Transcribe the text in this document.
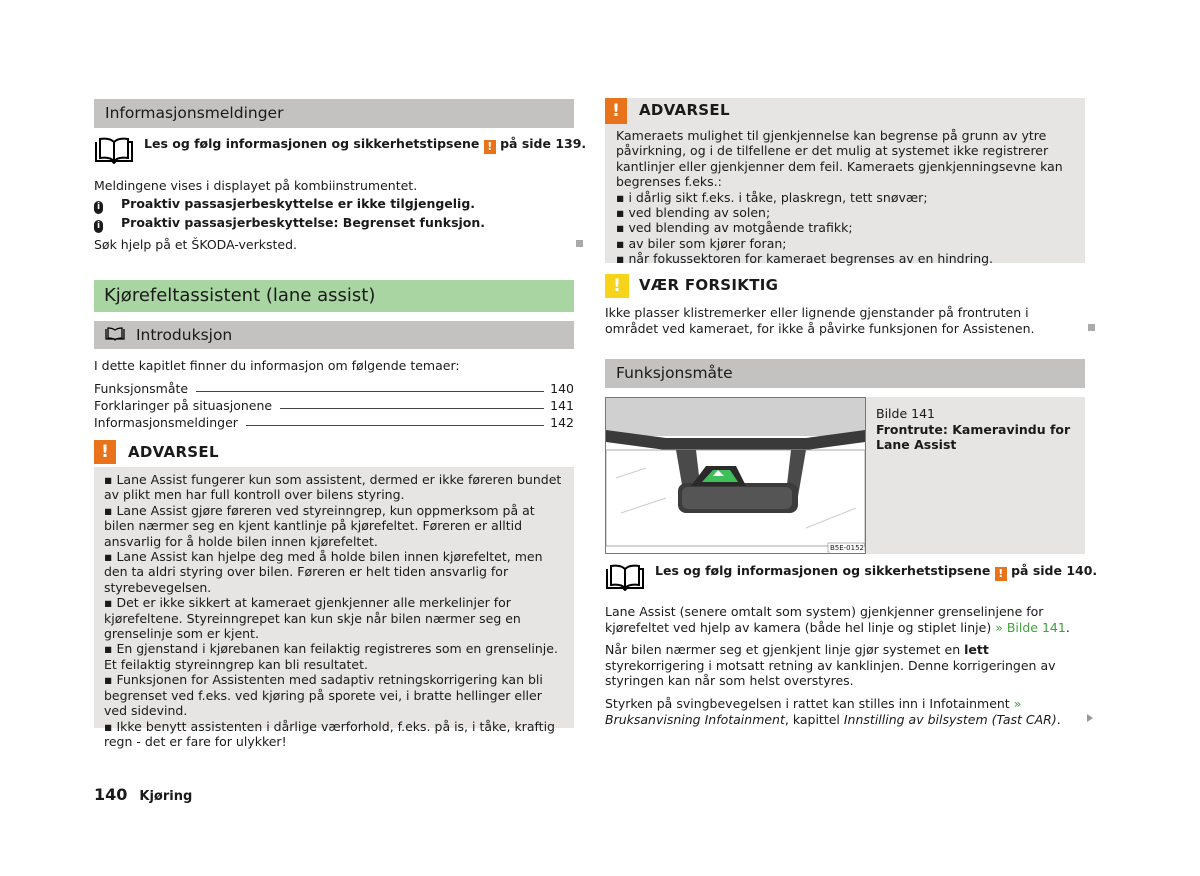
Informasjonsmeldinger
Les og følg informasjonen og sikkerhetstipsene ! på side 139.

Meldingene vises i displayet på kombiinstrumentet.

i Proaktiv passasjerbeskyttelse er ikke tilgjengelig.
i Proaktiv passasjerbeskyttelse: Begrenset funksjon.

Søk hjelp på et ŠKODA-verksted.

Kjørefeltassistent (lane assist)
Introduksjon

I dette kapitlet finner du informasjon om følgende temaer:

Funksjonsmåte	140
Forklaringer på situasjonene	141
Informasjonsmeldinger	142
!	ADVARSEL

▪ Lane Assist fungerer kun som assistent, dermed er ikke føreren bundet av plikt men har full kontroll over bilens styring.

▪ Lane Assist gjøre føreren ved styreinngrep, kun oppmerksom på at bilen nærmer seg en kjent kantlinje på kjørefeltet. Føreren er alltid ansvarlig for å holde bilen innen kjørefeltet.

▪ Lane Assist kan hjelpe deg med å holde bilen innen kjørefeltet, men den ta aldri styring over bilen. Føreren er helt tiden ansvarlig for styrebevegelsen.

▪ Det er ikke sikkert at kameraet gjenkjenner alle merkelinjer for kjørefeltene. Styreinngrepet kan kun skje når bilen nærmer seg en grenselinje som er kjent.

▪ En gjenstand i kjørebanen kan feilaktig registreres som en grenselinje. Et feilaktig styreinngrep kan bli resultatet.

▪ Funksjonen for Assistenten med sadaptiv retningskorrigering kan bli begrenset ved f.eks. ved kjøring på sporete vei, i bratte hellinger eller ved sidevind.

▪ Ikke benytt assistenten i dårlige værforhold, f.eks. på is, i tåke, kraftig regn - det er fare for ulykker!

!	ADVARSEL

Kameraets mulighet til gjenkjennelse kan begrense på grunn av ytre påvirkning, og i de tilfellene er det mulig at systemet ikke registrerer kantlinjer eller gjenkjenner dem feil. Kameraets gjenkjenningsevne kan begrenses f.eks.:

▪ i dårlig sikt f.eks. i tåke, plaskregn, tett snøvær;

▪ ved blending av solen;

▪ ved blending av motgående trafikk;

▪ av biler som kjører foran;

▪ når fokussektoren for kameraet begrenses av en hindring.

!	VÆR FORSIKTIG

Ikke plasser klistremerker eller lignende gjenstander på frontruten i området ved kameraet, for ikke å påvirke funksjonen for Assistenen.

Funksjonsmåte
B5E-0152

Bilde 141

Frontrute: Kameravindu for Lane Assist

Les og følg informasjonen og sikkerhetstipsene ! på side 140.

Lane Assist (senere omtalt som system) gjenkjenner grenselinjene for kjørefeltet ved hjelp av kamera (både hel linje og stiplet linje) » Bilde 141.

Når bilen nærmer seg et gjenkjent linje gjør systemet en lett styrekorrigering i motsatt retning av kanklinjen. Denne korrigeringen av styringen kan når som helst overstyres.

Styrken på svingbevegelsen i rattet kan stilles inn i Infotainment » Bruksanvisning Infotainment, kapittel Innstilling av bilsystem (Tast CAR).

140 Kjøring
